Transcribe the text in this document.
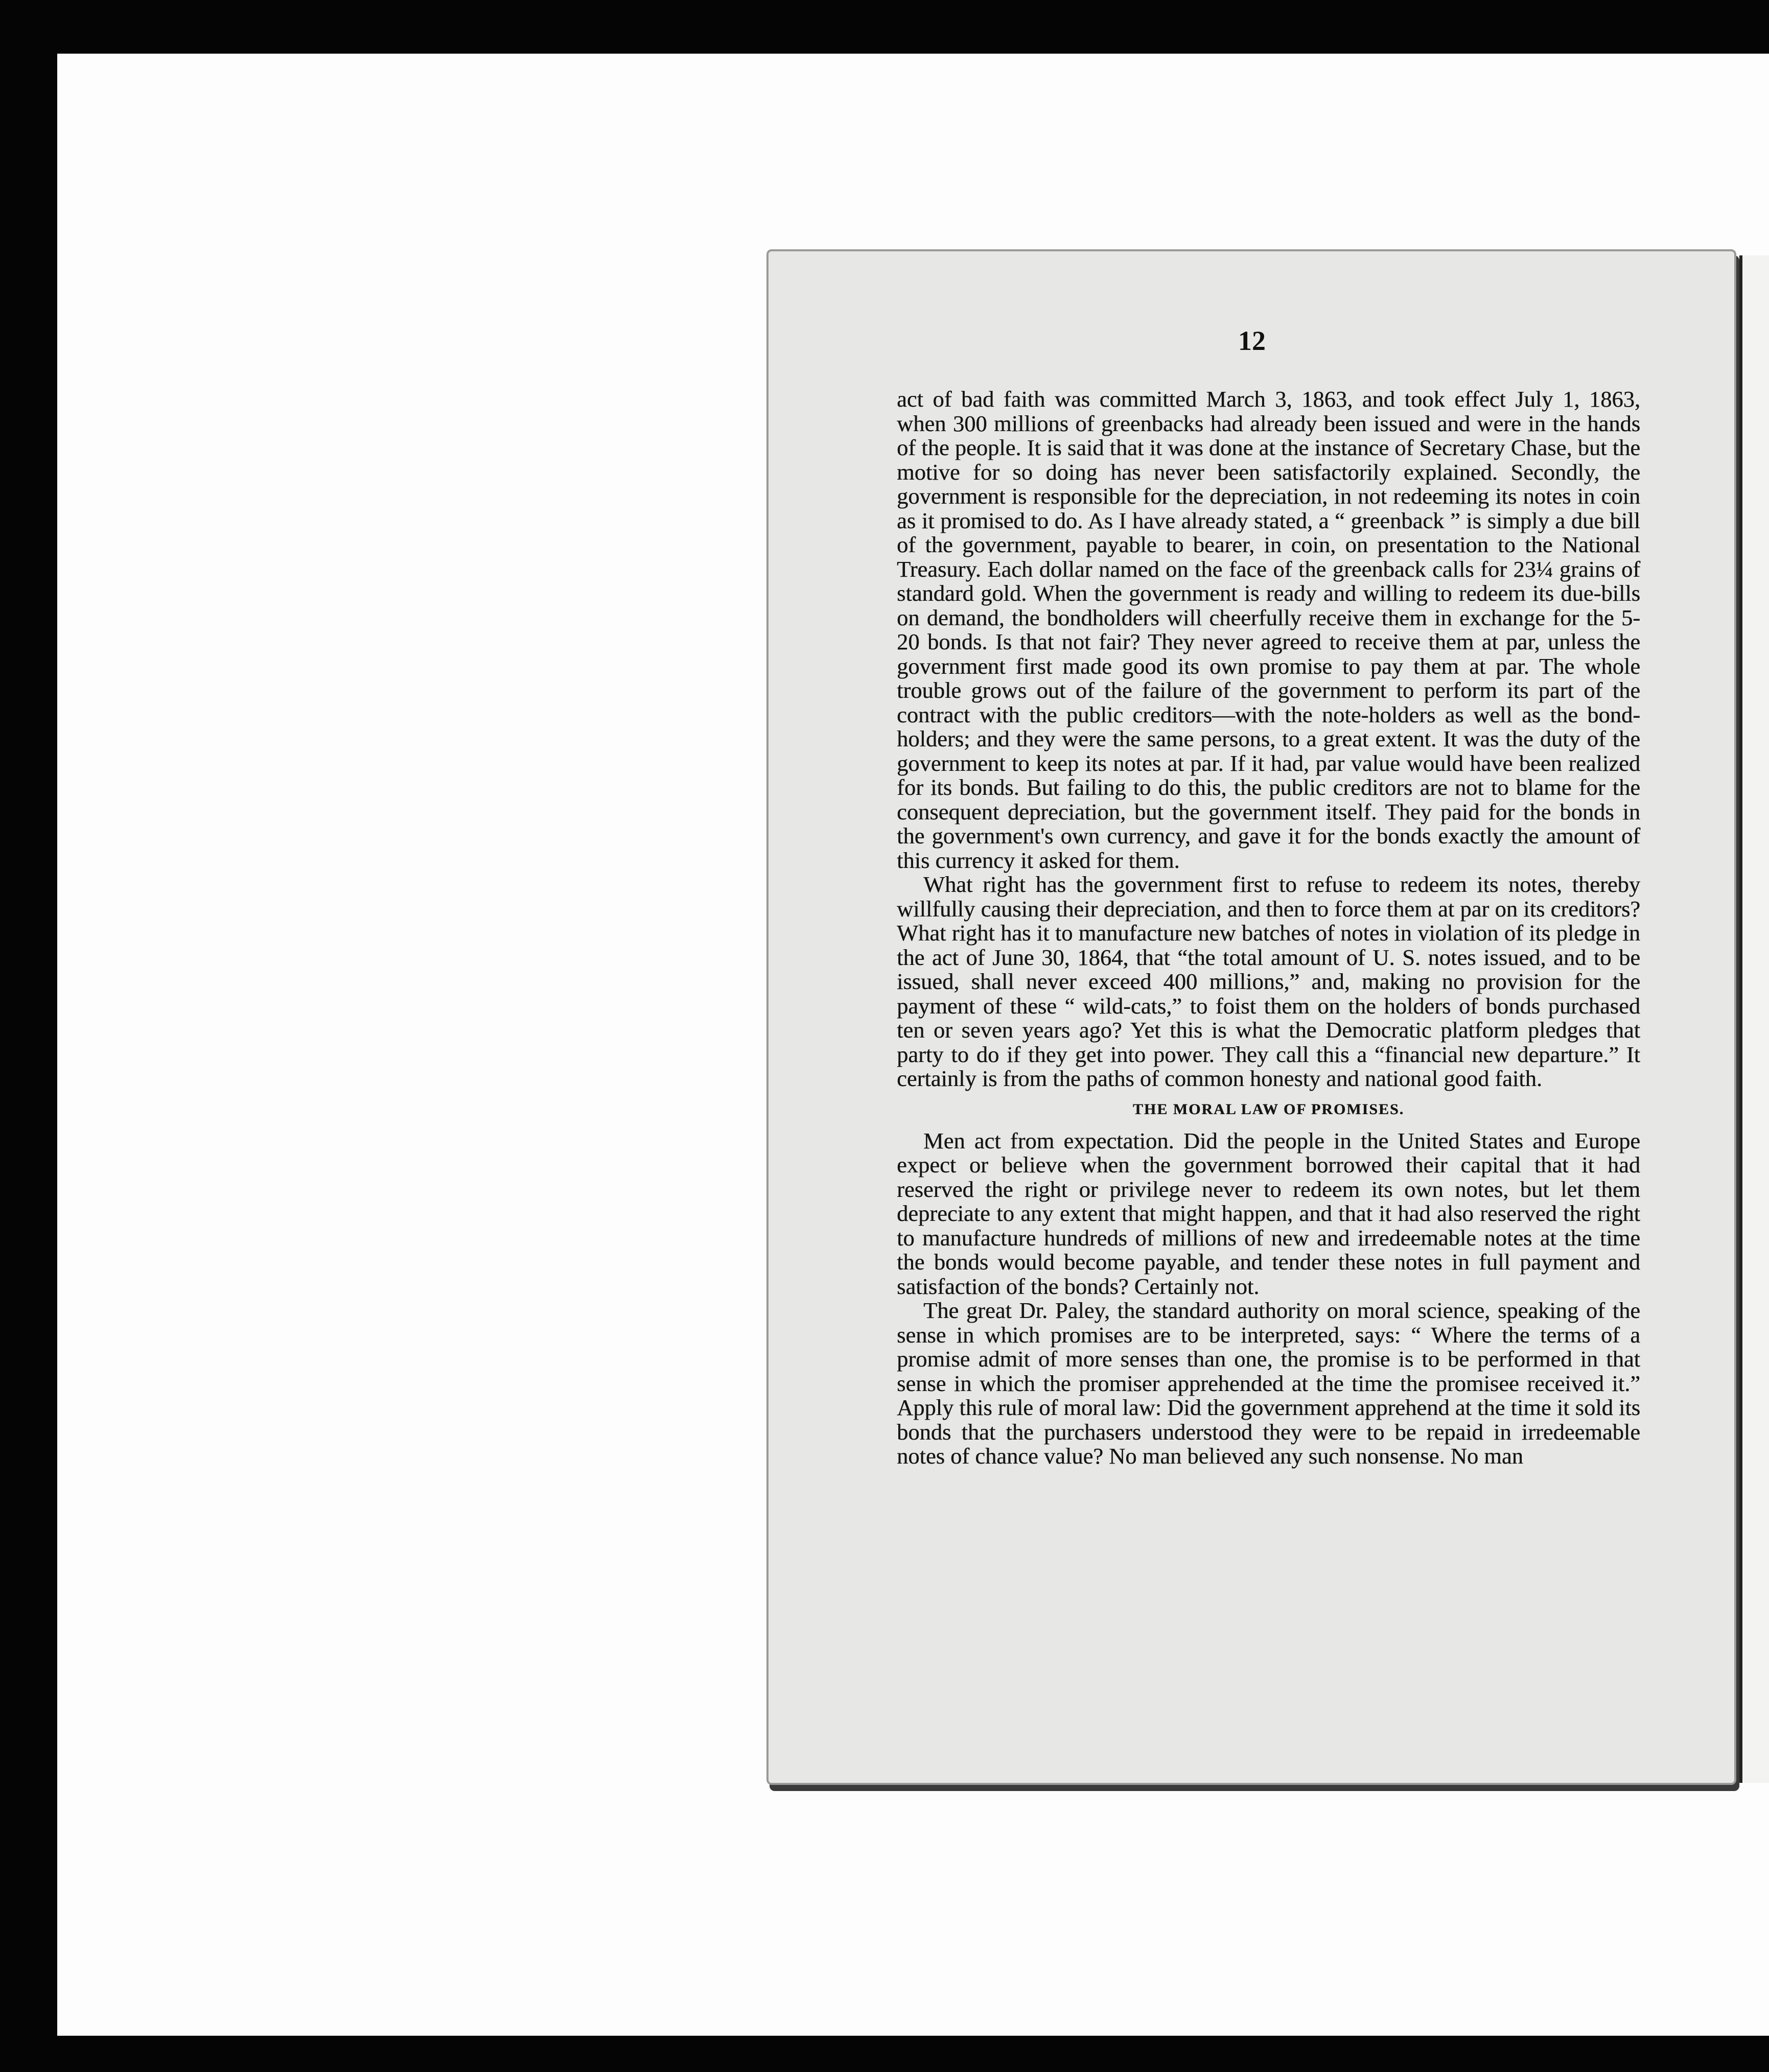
12

act of bad faith was committed March 3, 1863, and took effect July 1, 1863, when 300 millions of greenbacks had already been issued and were in the hands of the people. It is said that it was done at the instance of Secretary Chase, but the motive for so doing has never been satisfactorily explained. Secondly, the government is responsible for the depreciation, in not redeeming its notes in coin as it promised to do. As I have already stated, a “ greenback ” is simply a due bill of the government, payable to bearer, in coin, on presentation to the National Treasury. Each dollar named on the face of the greenback calls for 23¼ grains of standard gold. When the government is ready and willing to redeem its due-bills on demand, the bondholders will cheerfully receive them in exchange for the 5-20 bonds. Is that not fair? They never agreed to receive them at par, unless the government first made good its own promise to pay them at par. The whole trouble grows out of the failure of the government to perform its part of the contract with the public creditors—with the note-holders as well as the bond-holders; and they were the same persons, to a great extent. It was the duty of the government to keep its notes at par. If it had, par value would have been realized for its bonds. But failing to do this, the public creditors are not to blame for the consequent depreciation, but the government itself. They paid for the bonds in the government's own currency, and gave it for the bonds exactly the amount of this currency it asked for them.

What right has the government first to refuse to redeem its notes, thereby willfully causing their depreciation, and then to force them at par on its creditors? What right has it to manufacture new batches of notes in violation of its pledge in the act of June 30, 1864, that “the total amount of U. S. notes issued, and to be issued, shall never exceed 400 millions,” and, making no provision for the payment of these “ wild-cats,” to foist them on the holders of bonds purchased ten or seven years ago? Yet this is what the Democratic platform pledges that party to do if they get into power. They call this a “financial new departure.” It certainly is from the paths of common honesty and national good faith.

THE MORAL LAW OF PROMISES.

Men act from expectation. Did the people in the United States and Europe expect or believe when the government borrowed their capital that it had reserved the right or privilege never to redeem its own notes, but let them depreciate to any extent that might happen, and that it had also reserved the right to manufacture hundreds of millions of new and irredeemable notes at the time the bonds would become payable, and tender these notes in full payment and satisfaction of the bonds? Certainly not.

The great Dr. Paley, the standard authority on moral science, speaking of the sense in which promises are to be interpreted, says: “ Where the terms of a promise admit of more senses than one, the promise is to be performed in that sense in which the promiser apprehended at the time the promisee received it.” Apply this rule of moral law: Did the government apprehend at the time it sold its bonds that the purchasers understood they were to be repaid in irredeemable notes of chance value? No man believed any such nonsense. No man
